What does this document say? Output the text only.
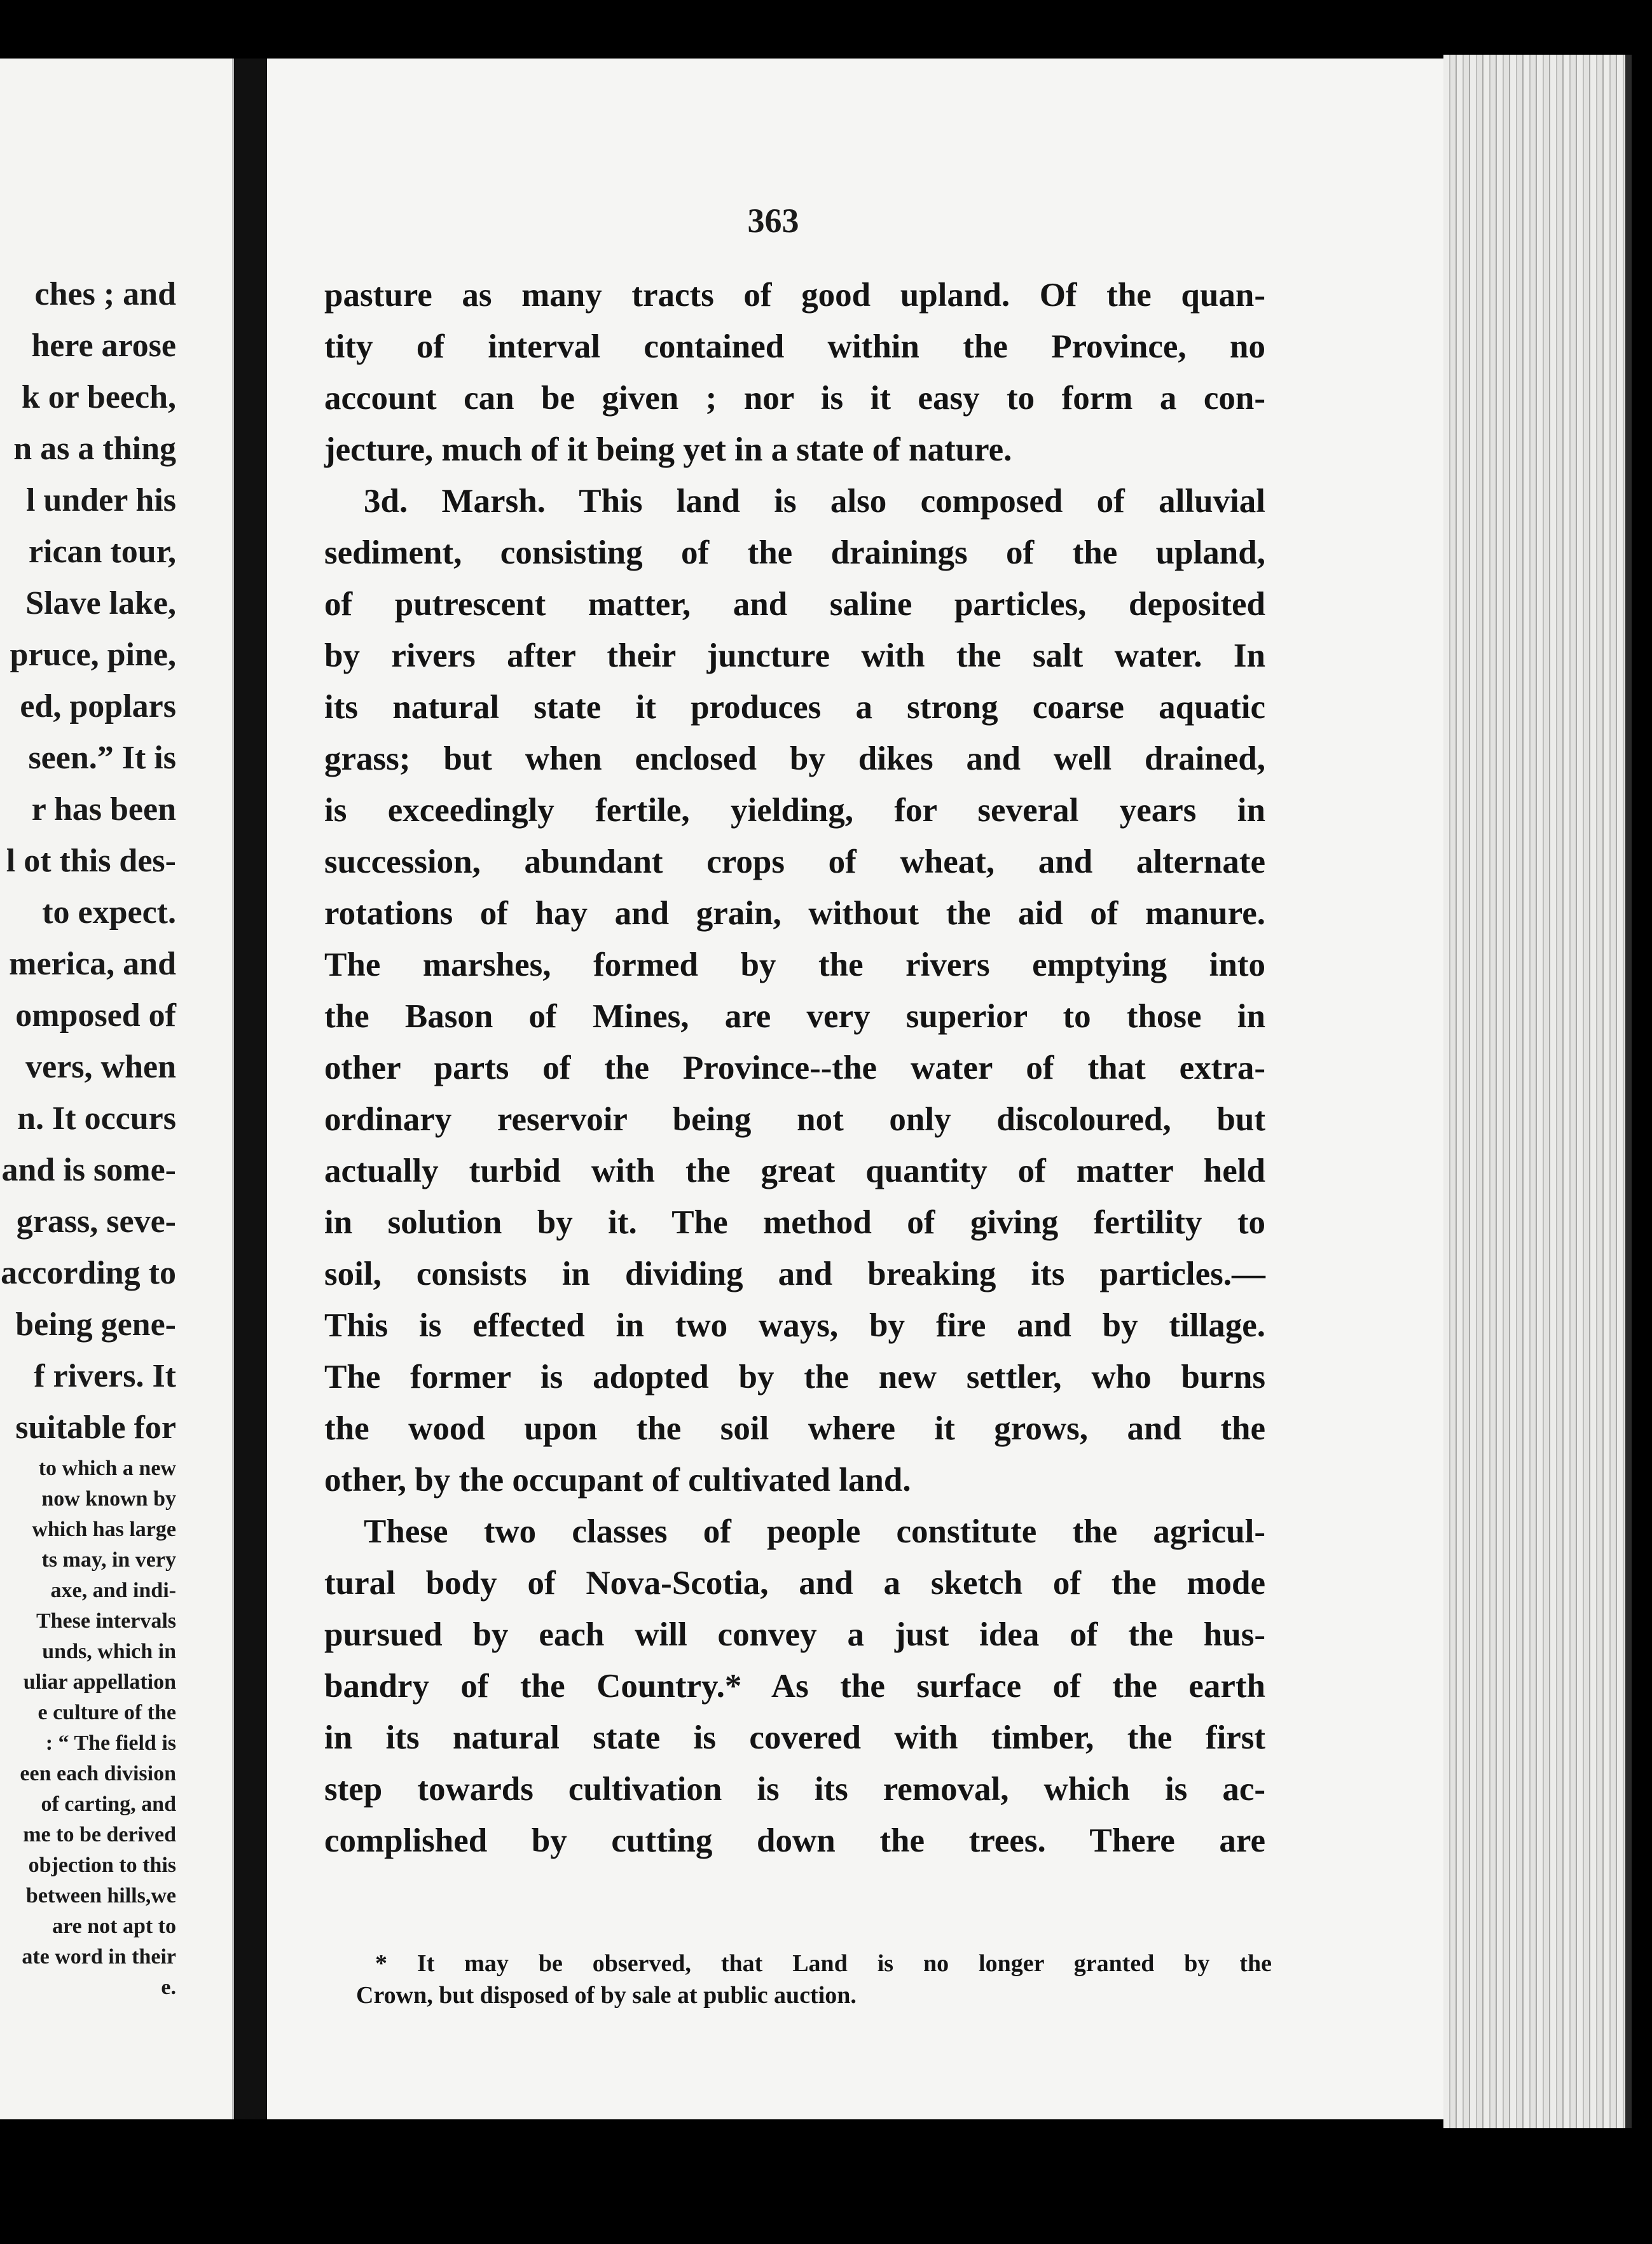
ches ; and
here arose
k or beech,
n as a thing
l under his
rican tour,
Slave lake,
pruce, pine,
ed, poplars
seen.” It is
r has been
l ot this des-
to expect.
merica, and
omposed of
vers, when
n. It occurs
and is some-
grass, seve-
according to
being gene-
f rivers. It
suitable for
to which a new
now known by
which has large
ts may, in very
axe, and indi-
These intervals
unds, which in
uliar appellation
e culture of the
: “ The field is
een each division
of carting, and
me to be derived
objection to this
between hills,we
are not apt to
ate word in their
e.
363
pasture as many tracts of good upland. Of the quan-
tity of interval contained within the Province, no
account can be given ; nor is it easy to form a con-
jecture, much of it being yet in a state of nature.
3d. Marsh. This land is also composed of alluvial
sediment, consisting of the drainings of the upland,
of putrescent matter, and saline particles, deposited
by rivers after their juncture with the salt water. In
its natural state it produces a strong coarse aquatic
grass; but when enclosed by dikes and well drained,
is exceedingly fertile, yielding, for several years in
succession, abundant crops of wheat, and alternate
rotations of hay and grain, without the aid of manure.
The marshes, formed by the rivers emptying into
the Bason of Mines, are very superior to those in
other parts of the Province--the water of that extra-
ordinary reservoir being not only discoloured, but
actually turbid with the great quantity of matter held
in solution by it. The method of giving fertility to
soil, consists in dividing and breaking its particles.—
This is effected in two ways, by fire and by tillage.
The former is adopted by the new settler, who burns
the wood upon the soil where it grows, and the
other, by the occupant of cultivated land.
These two classes of people constitute the agricul-
tural body of Nova-Scotia, and a sketch of the mode
pursued by each will convey a just idea of the hus-
bandry of the Country.* As the surface of the earth
in its natural state is covered with timber, the first
step towards cultivation is its removal, which is ac-
complished by cutting down the trees. There are
* It may be observed, that Land is no longer granted by the
Crown, but disposed of by sale at public auction.
